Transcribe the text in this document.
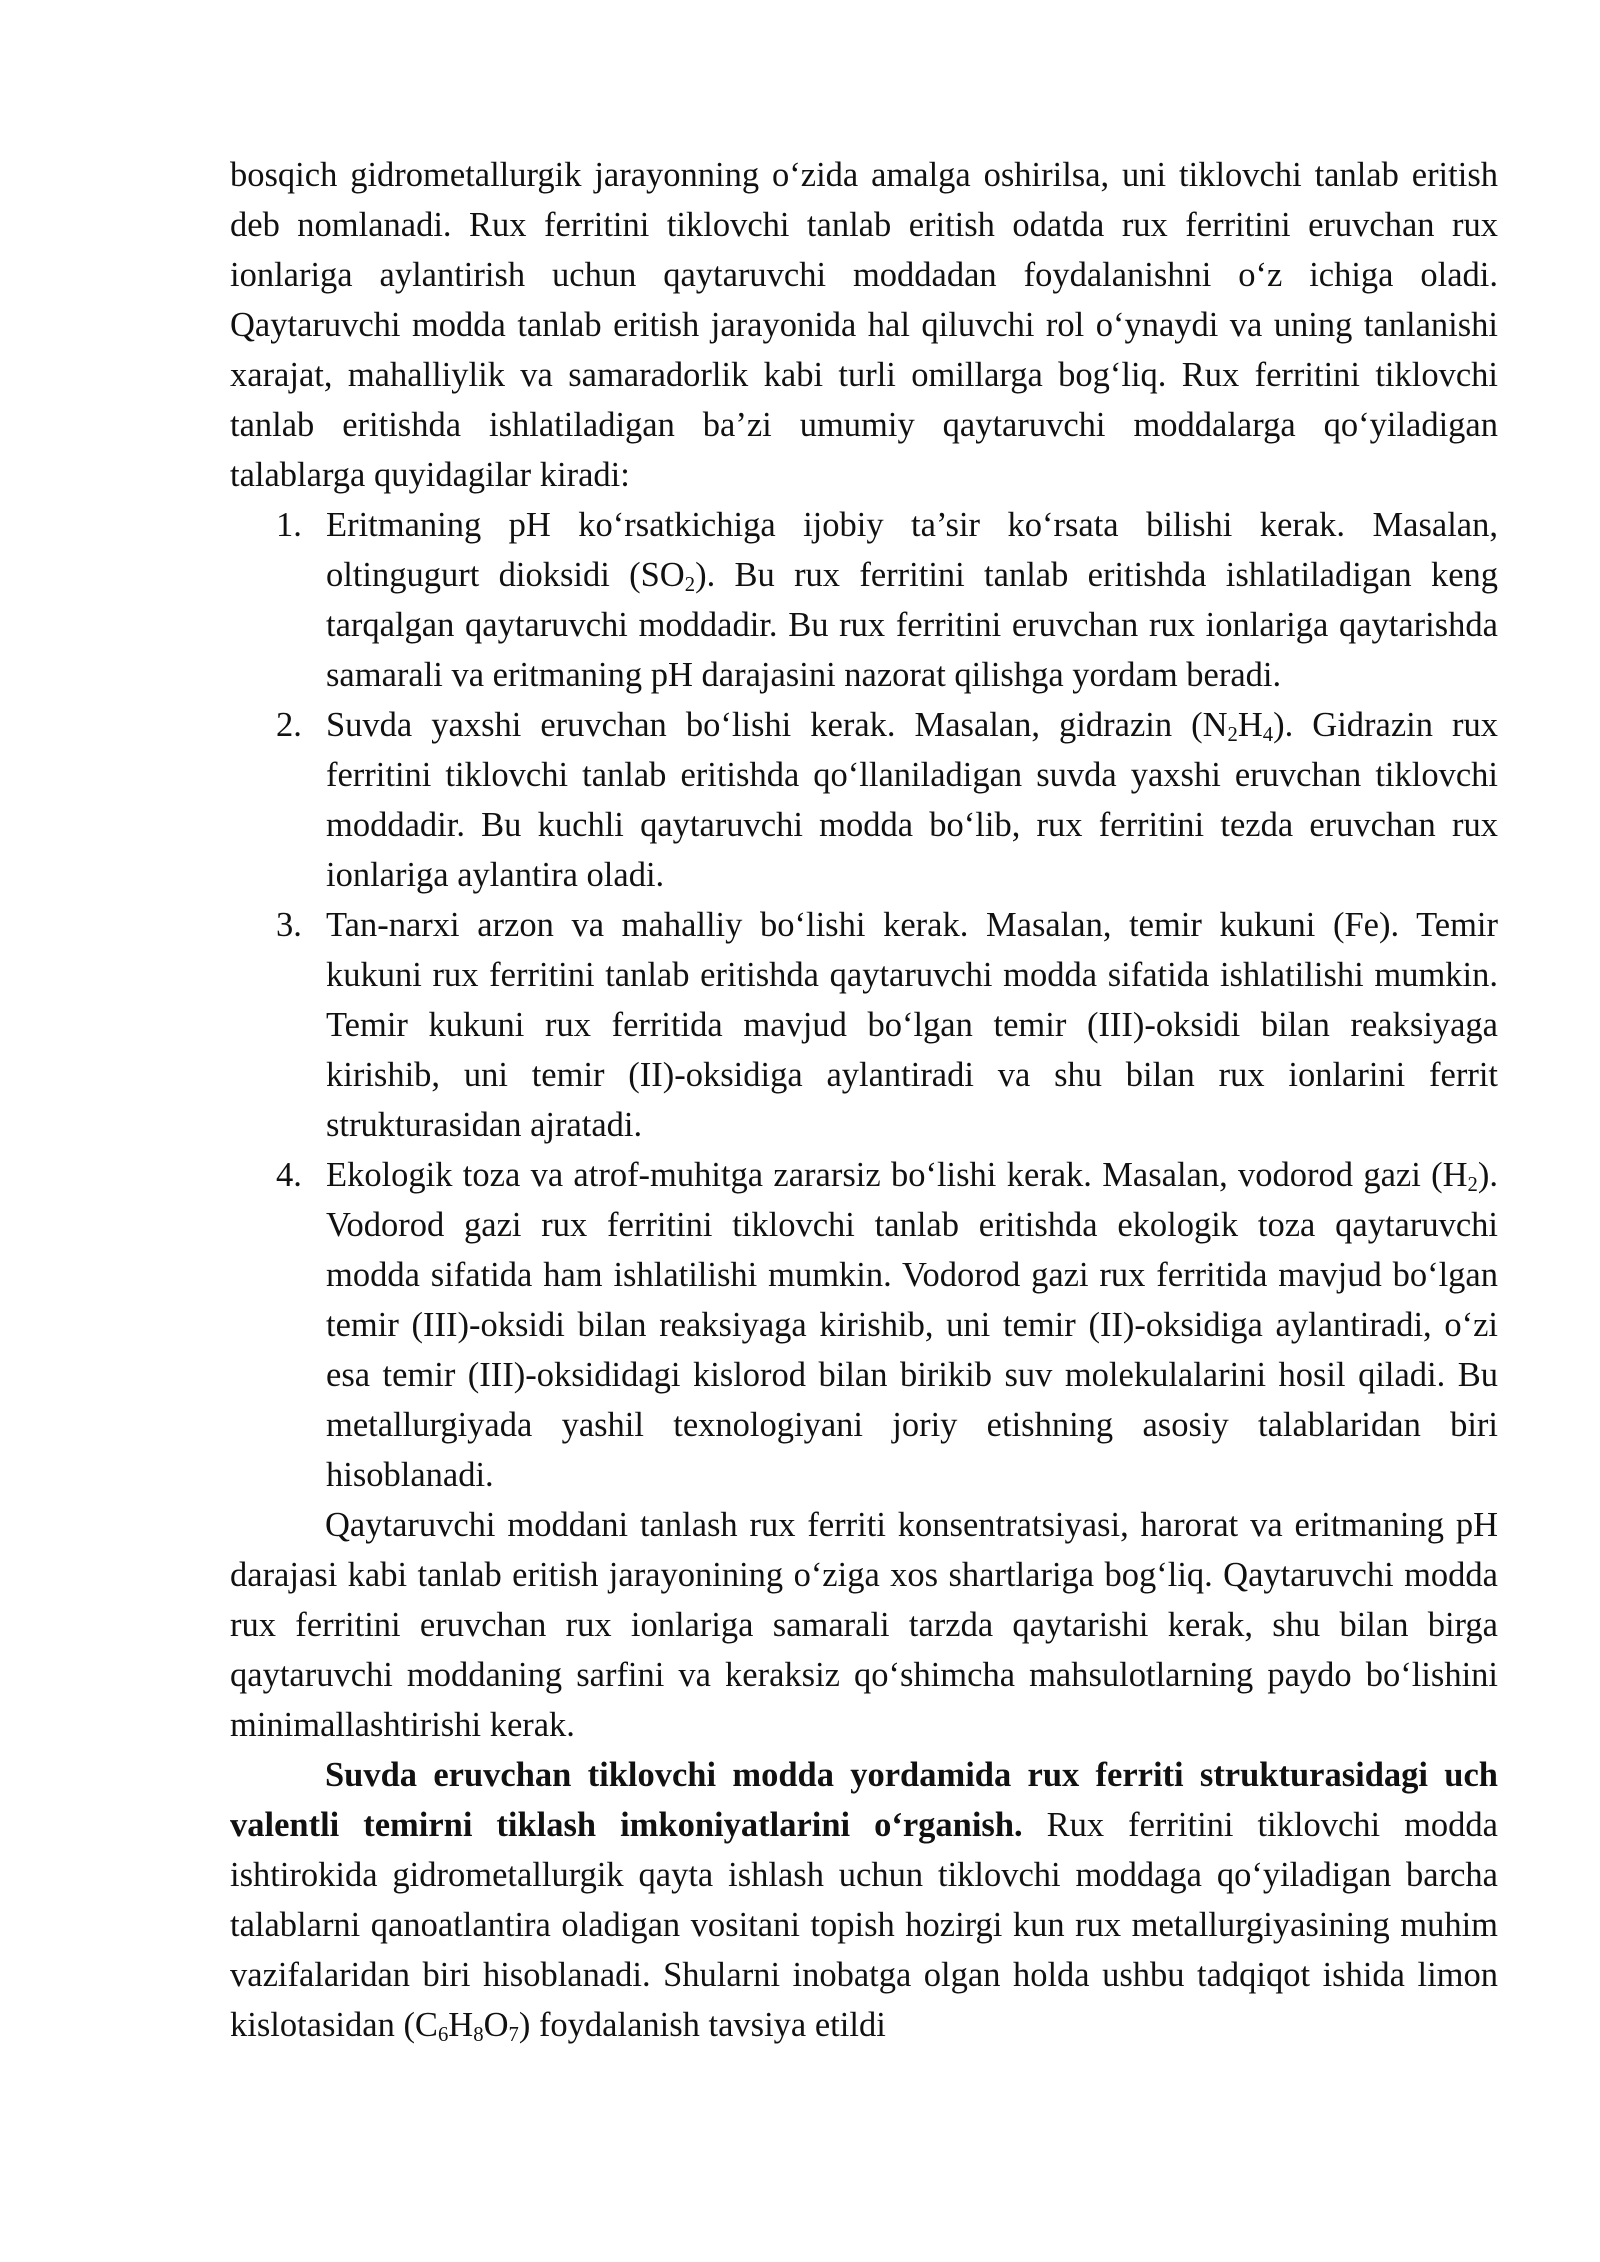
bosqich gidrometallurgik jarayonning o‘zida amalga oshirilsa, uni tiklovchi tanlab eritish deb nomlanadi. Rux ferritini tiklovchi tanlab eritish odatda rux ferritini eruvchan rux ionlariga aylantirish uchun qaytaruvchi moddadan foydalanishni o‘z ichiga oladi. Qaytaruvchi modda tanlab eritish jarayonida hal qiluvchi rol o‘ynaydi va uning tanlanishi xarajat, mahalliylik va samaradorlik kabi turli omillarga bog‘liq. Rux ferritini tiklovchi tanlab eritishda ishlatiladigan ba’zi umumiy qaytaruvchi moddalarga qo‘yiladigan talablarga quyidagilar kiradi:

1. Eritmaning pH ko‘rsatkichiga ijobiy ta’sir ko‘rsata bilishi kerak. Masalan, oltingugurt dioksidi $(SO_2)$. Bu rux ferritini tanlab eritishda ishlatiladigan keng tarqalgan qaytaruvchi moddadir. Bu rux ferritini eruvchan rux ionlariga qaytarishda samarali va eritmaning pH darajasini nazorat qilishga yordam beradi.
2. Suvda yaxshi eruvchan bo‘lishi kerak. Masalan, gidrazin $(N_2H_4)$. Gidrazin rux ferritini tiklovchi tanlab eritishda qo‘llaniladigan suvda yaxshi eruvchan tiklovchi moddadir. Bu kuchli qaytaruvchi modda bo‘lib, rux ferritini tezda eruvchan rux ionlariga aylantira oladi.
3. Tan-narxi arzon va mahalliy bo‘lishi kerak. Masalan, temir kukuni (Fe). Temir kukuni rux ferritini tanlab eritishda qaytaruvchi modda sifatida ishlatilishi mumkin. Temir kukuni rux ferritida mavjud bo‘lgan temir (III)-oksidi bilan reaksiyaga kirishib, uni temir (II)-oksidiga aylantiradi va shu bilan rux ionlarini ferrit strukturasidan ajratadi.
4. Ekologik toza va atrof-muhitga zararsiz bo‘lishi kerak. Masalan, vodorod gazi $(H_2)$. Vodorod gazi rux ferritini tiklovchi tanlab eritishda ekologik toza qaytaruvchi modda sifatida ham ishlatilishi mumkin. Vodorod gazi rux ferritida mavjud bo‘lgan temir (III)-oksidi bilan reaksiyaga kirishib, uni temir (II)-oksidiga aylantiradi, o‘zi esa temir (III)-oksididagi kislorod bilan birikib suv molekulalarini hosil qiladi. Bu metallurgiyada yashil texnologiyani joriy etishning asosiy talablaridan biri hisoblanadi.

Qaytaruvchi moddani tanlash rux ferriti konsentratsiyasi, harorat va eritmaning pH darajasi kabi tanlab eritish jarayonining o‘ziga xos shartlariga bog‘liq. Qaytaruvchi modda rux ferritini eruvchan rux ionlariga samarali tarzda qaytarishi kerak, shu bilan birga qaytaruvchi moddaning sarfini va keraksiz qo‘shimcha mahsulotlarning paydo bo‘lishini minimallashtirishi kerak.

Suvda eruvchan tiklovchi modda yordamida rux ferriti strukturasidagi uch valentli temirni tiklash imkoniyatlarini o‘rganish. Rux ferritini tiklovchi modda ishtirokida gidrometallurgik qayta ishlash uchun tiklovchi moddaga qo‘yiladigan barcha talablarni qanoatlantira oladigan vositani topish hozirgi kun rux metallurgiyasining muhim vazifalaridan biri hisoblanadi. Shularni inobatga olgan holda ushbu tadqiqot ishida limon kislotasidan $(C_6H_8O_7)$ foydalanish tavsiya etildi
